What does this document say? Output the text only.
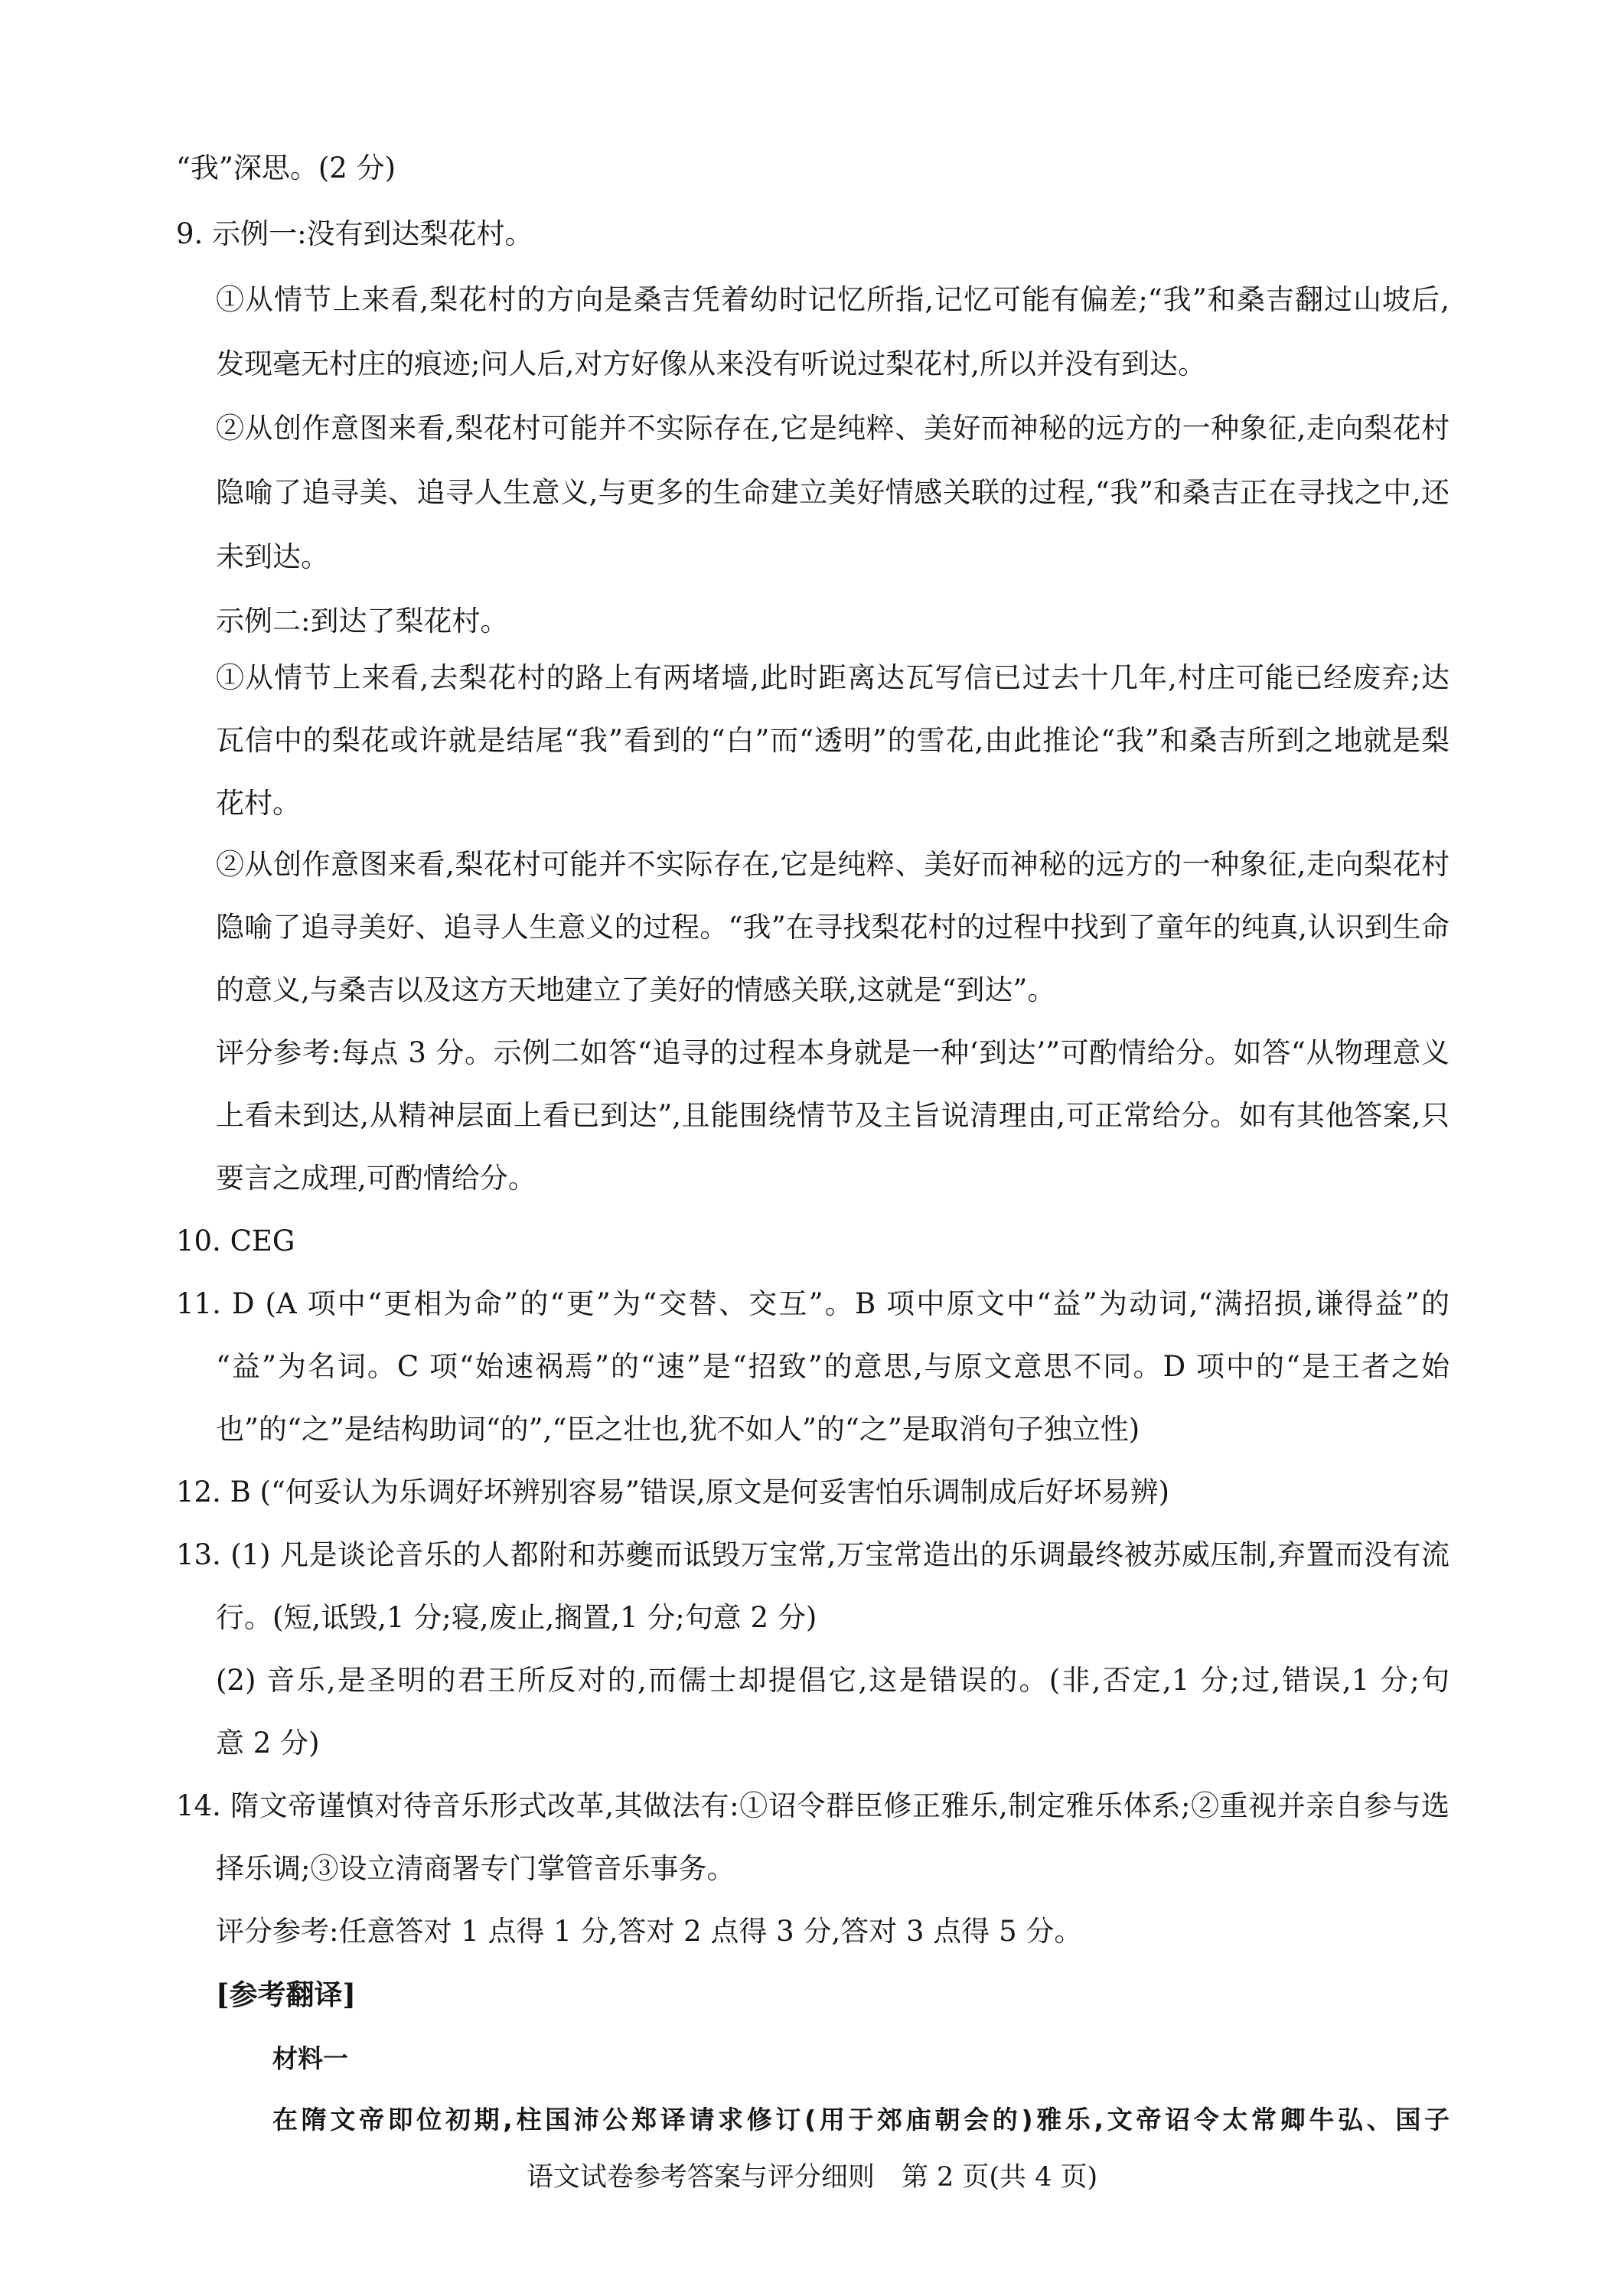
“我”深思。(2 分)
9. 示例一:没有到达梨花村。
①从情节上来看,梨花村的方向是桑吉凭着幼时记忆所指,记忆可能有偏差;“我”和桑吉翻过山坡后,
发现毫无村庄的痕迹;问人后,对方好像从来没有听说过梨花村,所以并没有到达。
②从创作意图来看,梨花村可能并不实际存在,它是纯粹、美好而神秘的远方的一种象征,走向梨花村
隐喻了追寻美、追寻人生意义,与更多的生命建立美好情感关联的过程,“我”和桑吉正在寻找之中,还
未到达。
示例二:到达了梨花村。
①从情节上来看,去梨花村的路上有两堵墙,此时距离达瓦写信已过去十几年,村庄可能已经废弃;达
瓦信中的梨花或许就是结尾“我”看到的“白”而“透明”的雪花,由此推论“我”和桑吉所到之地就是梨
花村。
②从创作意图来看,梨花村可能并不实际存在,它是纯粹、美好而神秘的远方的一种象征,走向梨花村
隐喻了追寻美好、追寻人生意义的过程。“我”在寻找梨花村的过程中找到了童年的纯真,认识到生命
的意义,与桑吉以及这方天地建立了美好的情感关联,这就是“到达”。
评分参考:每点 3 分。示例二如答“追寻的过程本身就是一种‘到达’”可酌情给分。如答“从物理意义
上看未到达,从精神层面上看已到达”,且能围绕情节及主旨说清理由,可正常给分。如有其他答案,只
要言之成理,可酌情给分。
10. CEG
11. D (A 项中“更相为命”的“更”为“交替、交互”。B 项中原文中“益”为动词,“满招损,谦得益”的
“益”为名词。C 项“始速祸焉”的“速”是“招致”的意思,与原文意思不同。D 项中的“是王者之始
也”的“之”是结构助词“的”,“臣之壮也,犹不如人”的“之”是取消句子独立性)
12. B (“何妥认为乐调好坏辨别容易”错误,原文是何妥害怕乐调制成后好坏易辨)
13. (1) 凡是谈论音乐的人都附和苏夔而诋毁万宝常,万宝常造出的乐调最终被苏威压制,弃置而没有流
行。(短,诋毁,1 分;寝,废止,搁置,1 分;句意 2 分)
(2) 音乐,是圣明的君王所反对的,而儒士却提倡它,这是错误的。(非,否定,1 分;过,错误,1 分;句
意 2 分)
14. 隋文帝谨慎对待音乐形式改革,其做法有:①诏令群臣修正雅乐,制定雅乐体系;②重视并亲自参与选
择乐调;③设立清商署专门掌管音乐事务。
评分参考:任意答对 1 点得 1 分,答对 2 点得 3 分,答对 3 点得 5 分。
[参考翻译]
材料一
在隋文帝即位初期,柱国沛公郑译请求修订(用于郊庙朝会的)雅乐,文帝诏令太常卿牛弘、国子
语文试卷参考答案与评分细则　第 2 页(共 4 页)
